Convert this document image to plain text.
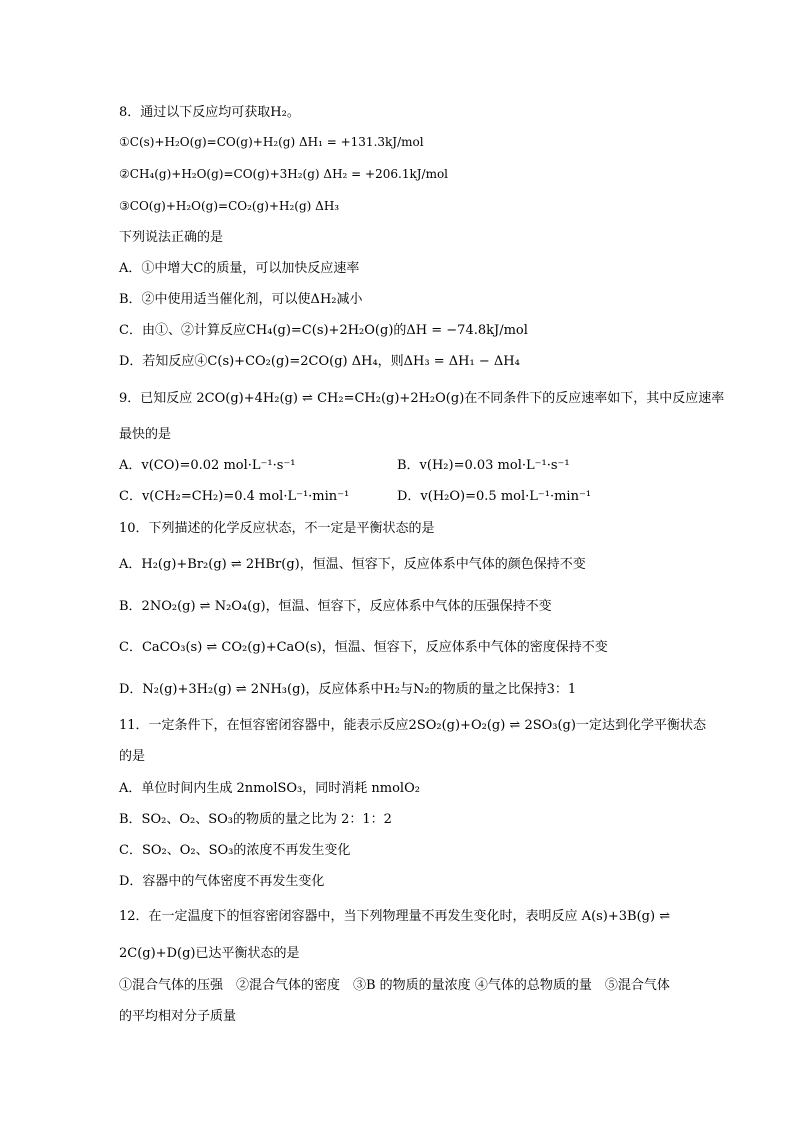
8．通过以下反应均可获取H₂。
①C(s)+H₂O(g)=CO(g)+H₂(g) ΔH₁ = +131.3kJ/mol
②CH₄(g)+H₂O(g)=CO(g)+3H₂(g) ΔH₂ = +206.1kJ/mol
③CO(g)+H₂O(g)=CO₂(g)+H₂(g) ΔH₃
下列说法正确的是
A．①中增大C的质量，可以加快反应速率
B．②中使用适当催化剂，可以使ΔH₂减小
C．由①、②计算反应CH₄(g)=C(s)+2H₂O(g)的ΔH = −74.8kJ/mol
D．若知反应④C(s)+CO₂(g)=2CO(g) ΔH₄，则ΔH₃ = ΔH₁ − ΔH₄
9．已知反应 2CO(g)+4H₂(g) ⇌ CH₂=CH₂(g)+2H₂O(g)在不同条件下的反应速率如下，其中反应速率
最快的是
A．v(CO)=0.02 mol·L⁻¹·s⁻¹	B．v(H₂)=0.03 mol·L⁻¹·s⁻¹
C．v(CH₂=CH₂)=0.4 mol·L⁻¹·min⁻¹	D．v(H₂O)=0.5 mol·L⁻¹·min⁻¹
10．下列描述的化学反应状态，不一定是平衡状态的是
A．H₂(g)+Br₂(g) ⇌ 2HBr(g)，恒温、恒容下，反应体系中气体的颜色保持不变
B．2NO₂(g) ⇌ N₂O₄(g)，恒温、恒容下，反应体系中气体的压强保持不变
C．CaCO₃(s) ⇌ CO₂(g)+CaO(s)，恒温、恒容下，反应体系中气体的密度保持不变
D．N₂(g)+3H₂(g) ⇌ 2NH₃(g)，反应体系中H₂与N₂的物质的量之比保持3：1
11．一定条件下，在恒容密闭容器中，能表示反应2SO₂(g)+O₂(g) ⇌ 2SO₃(g)一定达到化学平衡状态
的是
A．单位时间内生成 2nmolSO₃，同时消耗 nmolO₂
B．SO₂、O₂、SO₃的物质的量之比为 2：1：2
C．SO₂、O₂、SO₃的浓度不再发生变化
D．容器中的气体密度不再发生变化
12．在一定温度下的恒容密闭容器中，当下列物理量不再发生变化时，表明反应 A(s)+3B(g) ⇌
2C(g)+D(g)已达平衡状态的是
①混合气体的压强　②混合气体的密度　③B 的物质的量浓度 ④气体的总物质的量　⑤混合气体
的平均相对分子质量
